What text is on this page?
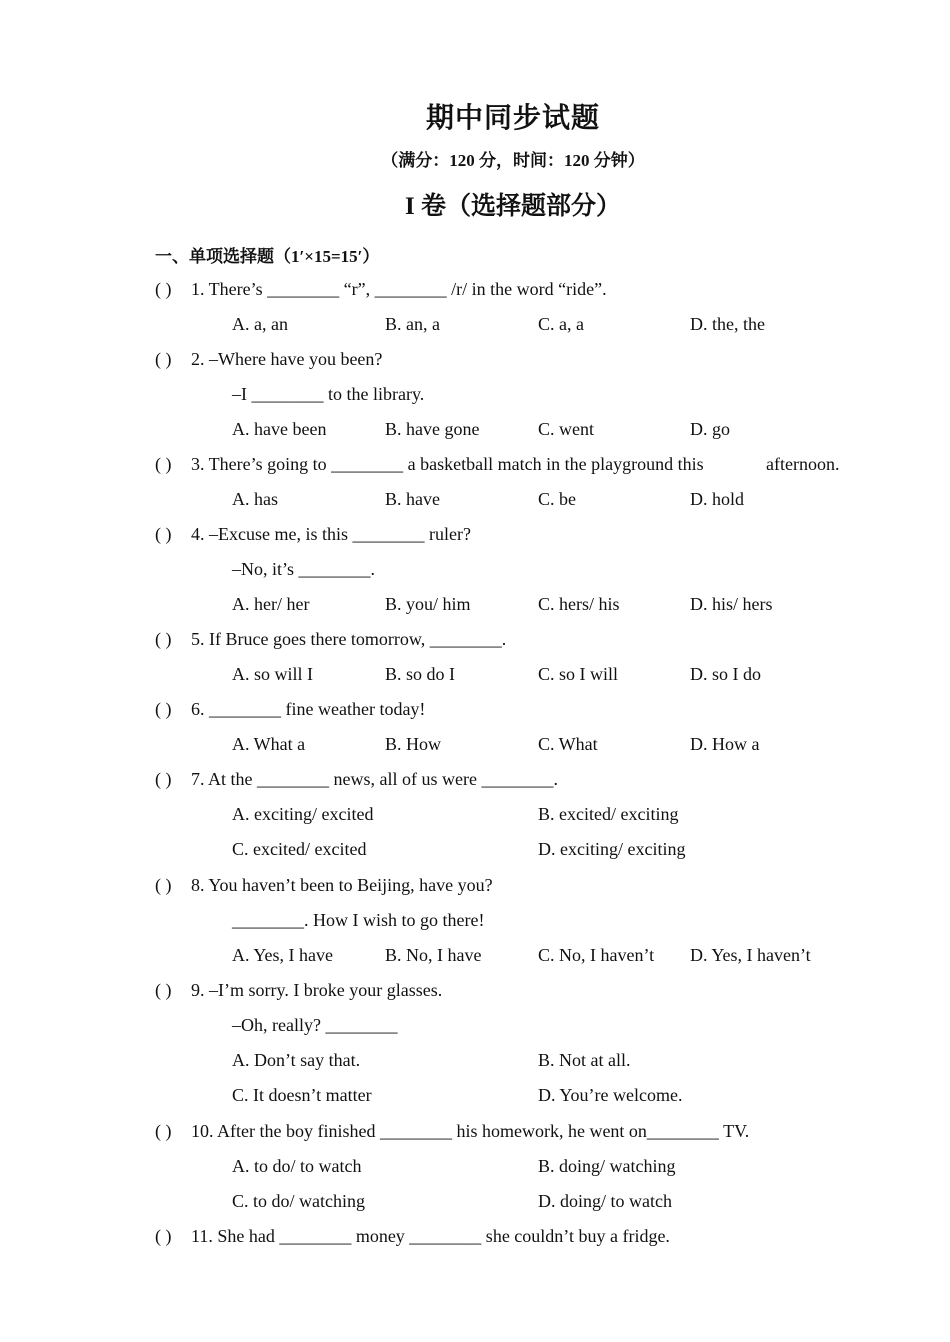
期中同步试题
（满分：120 分，时间：120 分钟）
I 卷（选择题部分）
一、单项选择题（1′×15=15′）
( ) 1. There’s ________ “r”, ________ /r/ in the word “ride”.
A. a, an	B. an, a	C. a, a	D. the, the
( ) 2. –Where have you been?
–I ________ to the library.
A. have been	B. have gone	C. went	D. go
( ) 3. There’s going to ________ a basketball match in the playground this	afternoon.
A. has	B. have	C. be	D. hold
( ) 4. –Excuse me, is this ________ ruler?
–No, it’s ________.
A. her/ her	B. you/ him	C. hers/ his	D. his/ hers
( ) 5. If Bruce goes there tomorrow, ________.
A. so will I	B. so do I	C. so I will	D. so I do
( ) 6. ________ fine weather today!
A. What a	B. How	C. What	D. How a
( ) 7. At the ________ news, all of us were ________.
A. exciting/ excited	B. excited/ exciting
C. excited/ excited	D. exciting/ exciting
( ) 8. You haven’t been to Beijing, have you?
________. How I wish to go there!
A. Yes, I have	B. No, I have	C. No, I haven’t D. Yes, I haven’t
( ) 9. –I’m sorry. I broke your glasses.
–Oh, really? ________
A. Don’t say that.	B. Not at all.
C. It doesn’t matter	D. You’re welcome.
( ) 10. After the boy finished ________ his homework, he went on________ TV.
A. to do/ to watch	B. doing/ watching
C. to do/ watching	D. doing/ to watch
( ) 11. She had ________ money ________ she couldn’t buy a fridge.
